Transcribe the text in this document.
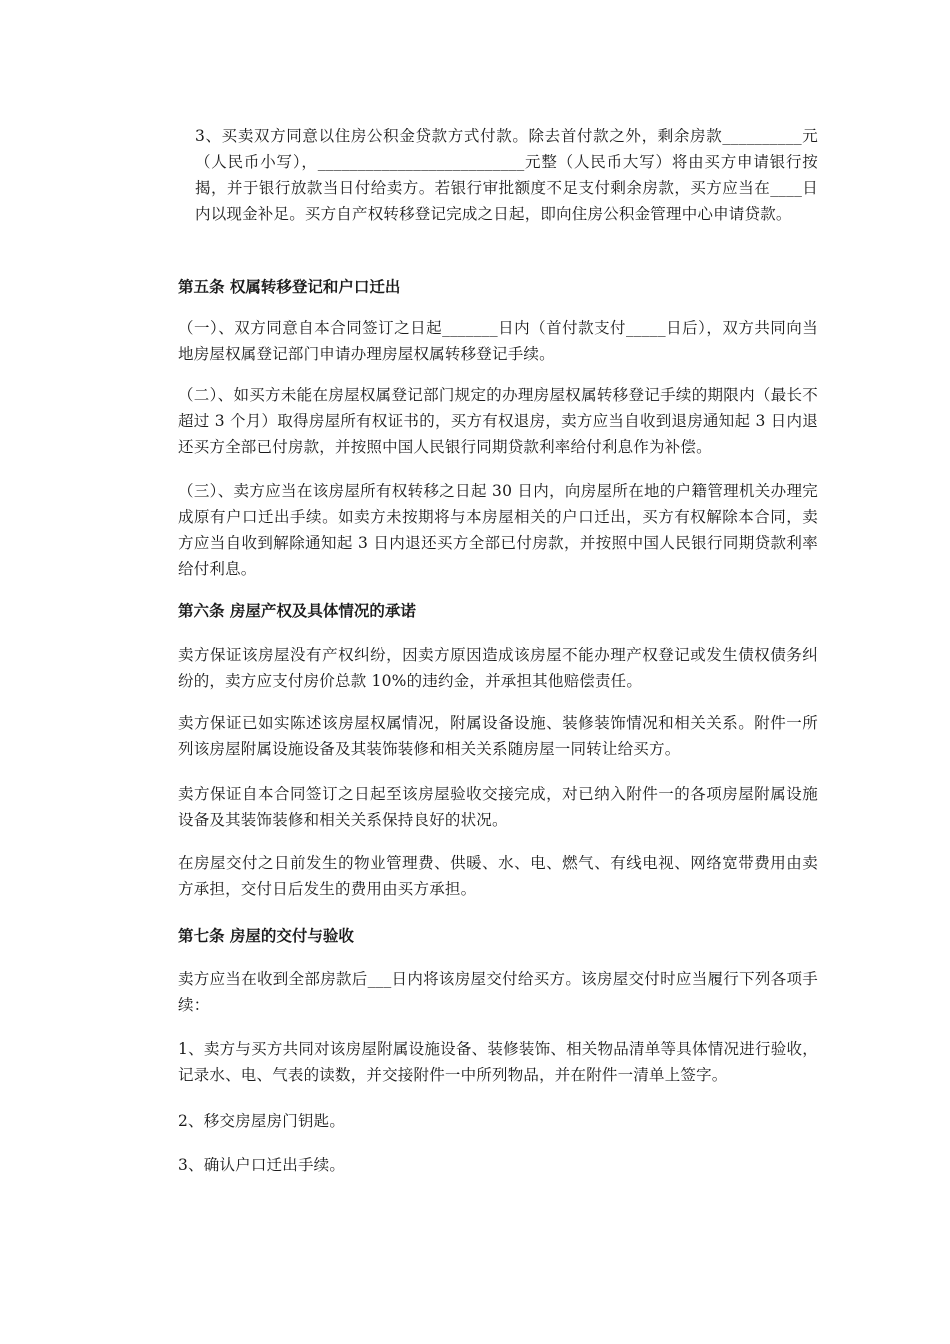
3、买卖双方同意以住房公积金贷款方式付款。除去首付款之外，剩余房款__________元（人民币小写），__________________________元整（人民币大写）将由买方申请银行按揭，并于银行放款当日付给卖方。若银行审批额度不足支付剩余房款，买方应当在____日内以现金补足。买方自产权转移登记完成之日起，即向住房公积金管理中心申请贷款。

第五条 权属转移登记和户口迁出

（一）、双方同意自本合同签订之日起_______日内（首付款支付_____日后），双方共同向当地房屋权属登记部门申请办理房屋权属转移登记手续。

（二）、如买方未能在房屋权属登记部门规定的办理房屋权属转移登记手续的期限内（最长不超过 3 个月）取得房屋所有权证书的，买方有权退房，卖方应当自收到退房通知起 3 日内退还买方全部已付房款，并按照中国人民银行同期贷款利率给付利息作为补偿。

（三）、卖方应当在该房屋所有权转移之日起 30 日内，向房屋所在地的户籍管理机关办理完成原有户口迁出手续。如卖方未按期将与本房屋相关的户口迁出，买方有权解除本合同，卖方应当自收到解除通知起 3 日内退还买方全部已付房款，并按照中国人民银行同期贷款利率给付利息。

第六条 房屋产权及具体情况的承诺

卖方保证该房屋没有产权纠纷，因卖方原因造成该房屋不能办理产权登记或发生债权债务纠纷的，卖方应支付房价总款 10%的违约金，并承担其他赔偿责任。

卖方保证已如实陈述该房屋权属情况，附属设备设施、装修装饰情况和相关关系。附件一所列该房屋附属设施设备及其装饰装修和相关关系随房屋一同转让给买方。

卖方保证自本合同签订之日起至该房屋验收交接完成，对已纳入附件一的各项房屋附属设施设备及其装饰装修和相关关系保持良好的状况。

在房屋交付之日前发生的物业管理费、供暖、水、电、燃气、有线电视、网络宽带费用由卖方承担，交付日后发生的费用由买方承担。

第七条 房屋的交付与验收

卖方应当在收到全部房款后___日内将该房屋交付给买方。该房屋交付时应当履行下列各项手续：

1、卖方与买方共同对该房屋附属设施设备、装修装饰、相关物品清单等具体情况进行验收，记录水、电、气表的读数，并交接附件一中所列物品，并在附件一清单上签字。

2、移交房屋房门钥匙。

3、确认户口迁出手续。
